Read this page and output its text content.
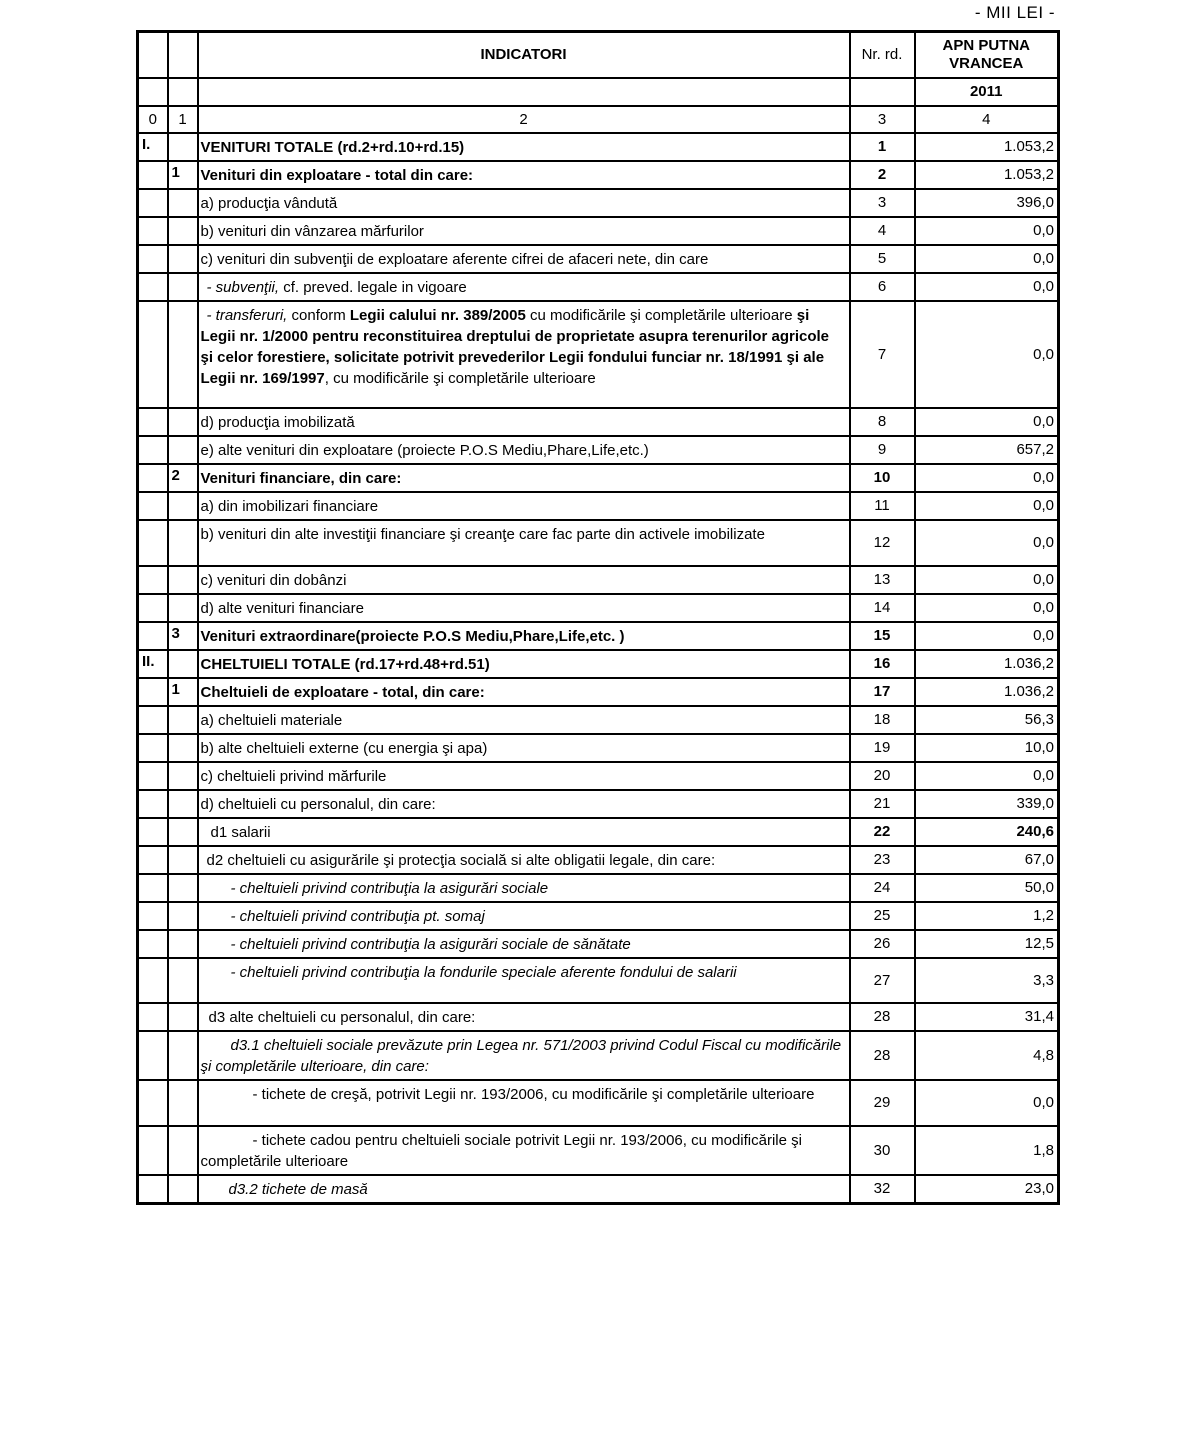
- MII LEI -
		INDICATORI	Nr. rd.	APN PUTNA VRANCEA
				2011
0	1	2	3	4
I.		VENITURI TOTALE (rd.2+rd.10+rd.15)	1	1.053,2
	1	Venituri din exploatare - total din care:	2	1.053,2
		a) producţia vândută	3	396,0
		b) venituri din vânzarea mărfurilor	4	0,0
		c) venituri din subvenţii de exploatare aferente cifrei de afaceri nete, din care	5	0,0
		- subvenţii, cf. preved. legale in vigoare	6	0,0
		- transferuri, conform Legii calului nr. 389/2005 cu modificările şi completările ulterioare şi Legii nr. 1/2000 pentru reconstituirea dreptului de proprietate asupra terenurilor agricole şi celor forestiere, solicitate potrivit prevederilor Legii fondului funciar nr. 18/1991 şi ale Legii nr. 169/1997, cu modificările şi completările ulterioare	7	0,0
		d) producţia imobilizată	8	0,0
		e) alte venituri din exploatare (proiecte P.O.S Mediu,Phare,Life,etc.)	9	657,2
	2	Venituri financiare, din care:	10	0,0
		a) din imobilizari financiare	11	0,0
		b) venituri din alte investiţii financiare şi creanţe care fac parte din activele imobilizate	12	0,0
		c) venituri din dobânzi	13	0,0
		d) alte venituri financiare	14	0,0
	3	Venituri extraordinare(proiecte P.O.S Mediu,Phare,Life,etc. )	15	0,0
II.		CHELTUIELI TOTALE (rd.17+rd.48+rd.51)	16	1.036,2
	1	Cheltuieli de exploatare - total, din care:	17	1.036,2
		a) cheltuieli materiale	18	56,3
		b) alte cheltuieli externe (cu energia şi apa)	19	10,0
		c) cheltuieli privind mărfurile	20	0,0
		d) cheltuieli cu personalul, din care:	21	339,0
		d1 salarii	22	240,6
		d2 cheltuieli cu asigurările şi protecţia socială si alte obligatii legale, din care:	23	67,0
		- cheltuieli privind contribuţia la asigurări sociale	24	50,0
		- cheltuieli privind contribuţia pt. somaj	25	1,2
		- cheltuieli privind contribuţia la asigurări sociale de sănătate	26	12,5
		- cheltuieli privind contribuţia la fondurile speciale aferente fondului de salarii	27	3,3
		d3 alte cheltuieli cu personalul, din care:	28	31,4
		d3.1 cheltuieli sociale prevăzute prin Legea nr. 571/2003 privind Codul Fiscal cu modificările şi completările ulterioare, din care:	28	4,8
		- tichete de creşă, potrivit Legii nr. 193/2006, cu modificările şi completările ulterioare	29	0,0
		- tichete cadou pentru cheltuieli sociale potrivit Legii nr. 193/2006, cu modificările şi completările ulterioare	30	1,8
		d3.2 tichete de masă	32	23,0
